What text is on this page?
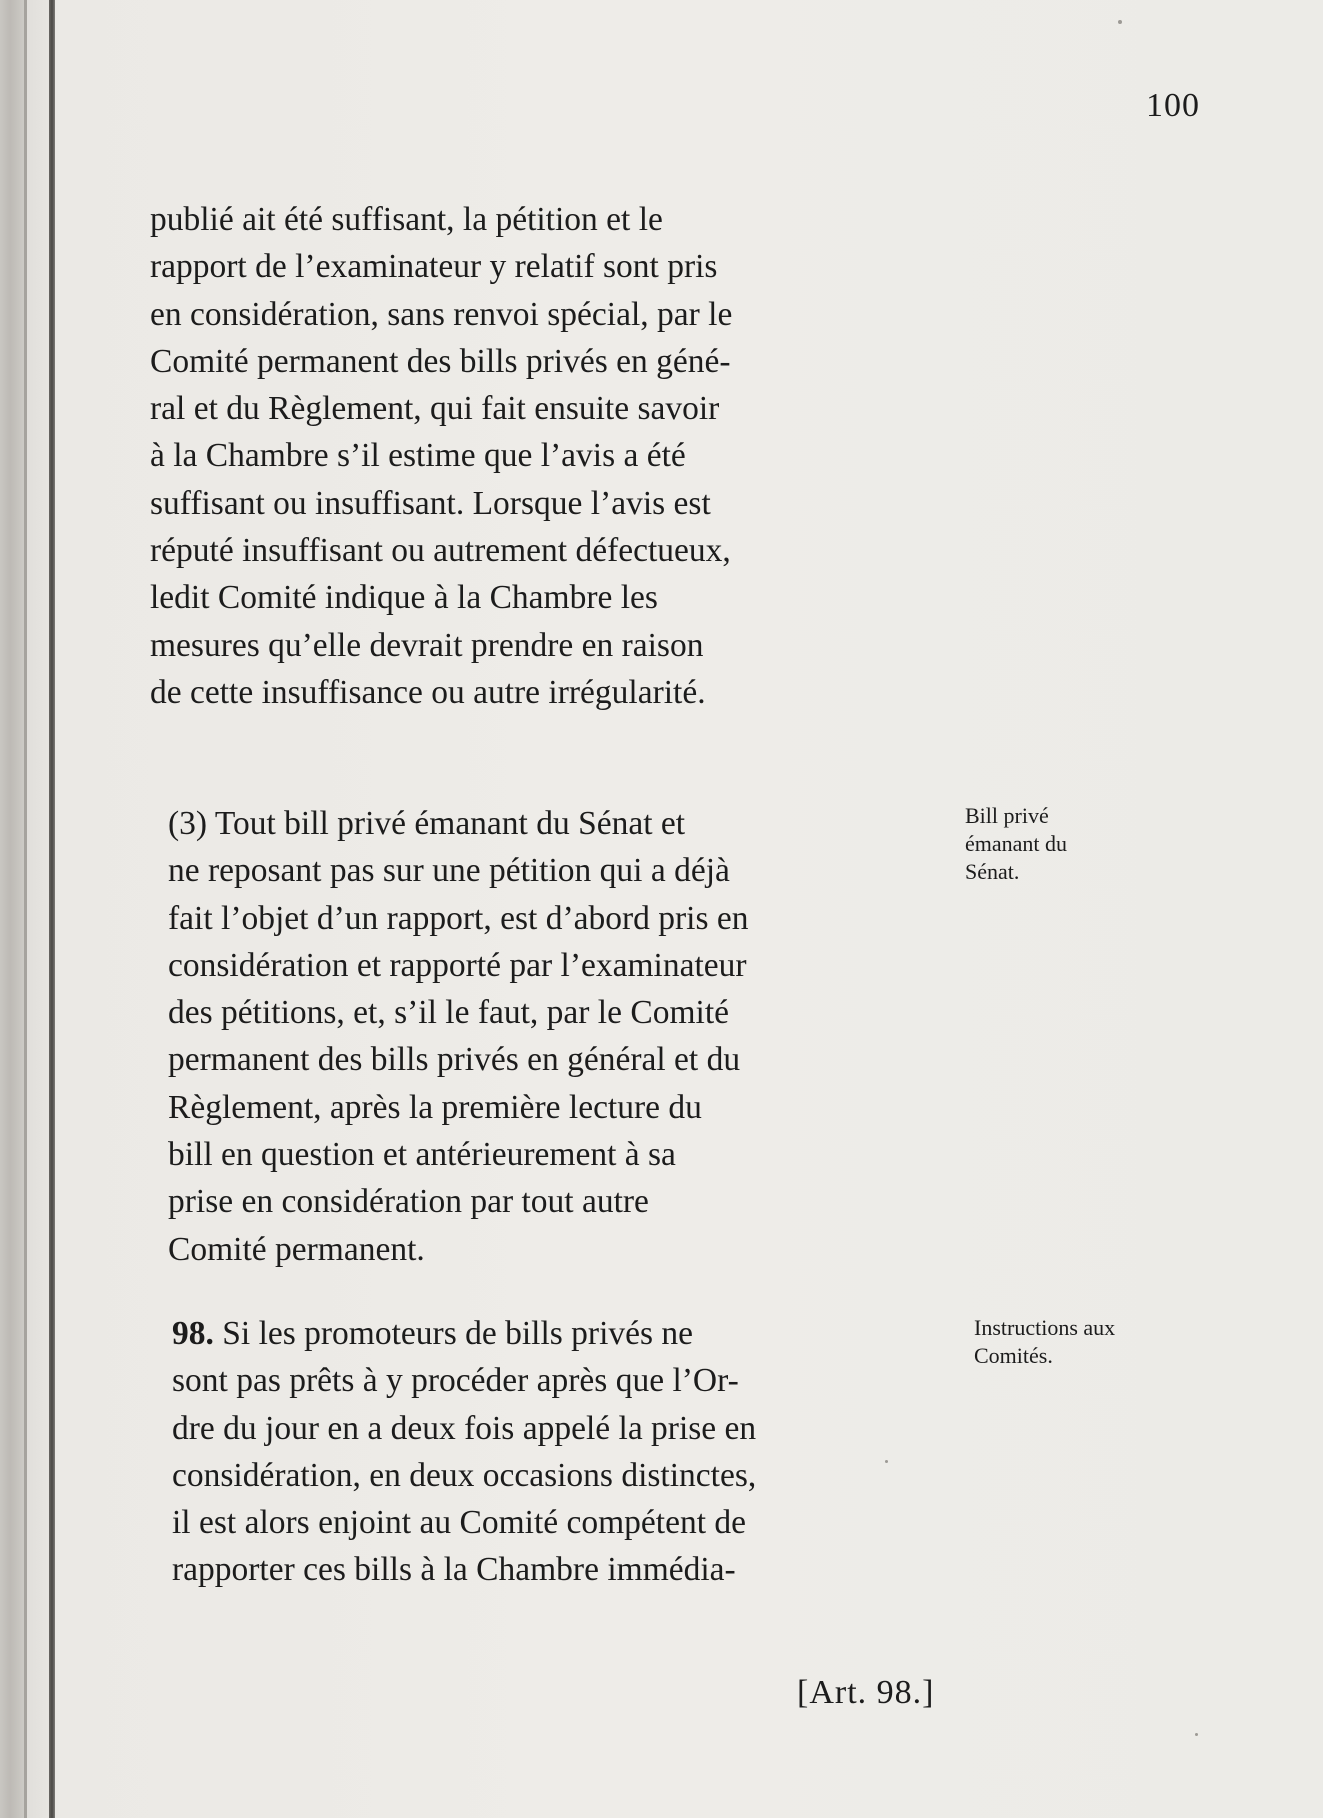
100
publié ait été suffisant, la pétition et le
rapport de l’examinateur y relatif sont pris
en considération, sans renvoi spécial, par le
Comité permanent des bills privés en géné-
ral et du Règlement, qui fait ensuite savoir
à la Chambre s’il estime que l’avis a été
suffisant ou insuffisant. Lorsque l’avis est
réputé insuffisant ou autrement défectueux,
ledit Comité indique à la Chambre les
mesures qu’elle devrait prendre en raison
de cette insuffisance ou autre irrégularité.
(3) Tout bill privé émanant du Sénat et
ne reposant pas sur une pétition qui a déjà
fait l’objet d’un rapport, est d’abord pris en
considération et rapporté par l’examinateur
des pétitions, et, s’il le faut, par le Comité
permanent des bills privés en général et du
Règlement, après la première lecture du
bill en question et antérieurement à sa
prise en considération par tout autre
Comité permanent.
Bill privé
émanant du
Sénat.
98. Si les promoteurs de bills privés ne
sont pas prêts à y procéder après que l’Or-
dre du jour en a deux fois appelé la prise en
considération, en deux occasions distinctes,
il est alors enjoint au Comité compétent de
rapporter ces bills à la Chambre immédia-
Instructions aux
Comités.
[Art. 98.]
